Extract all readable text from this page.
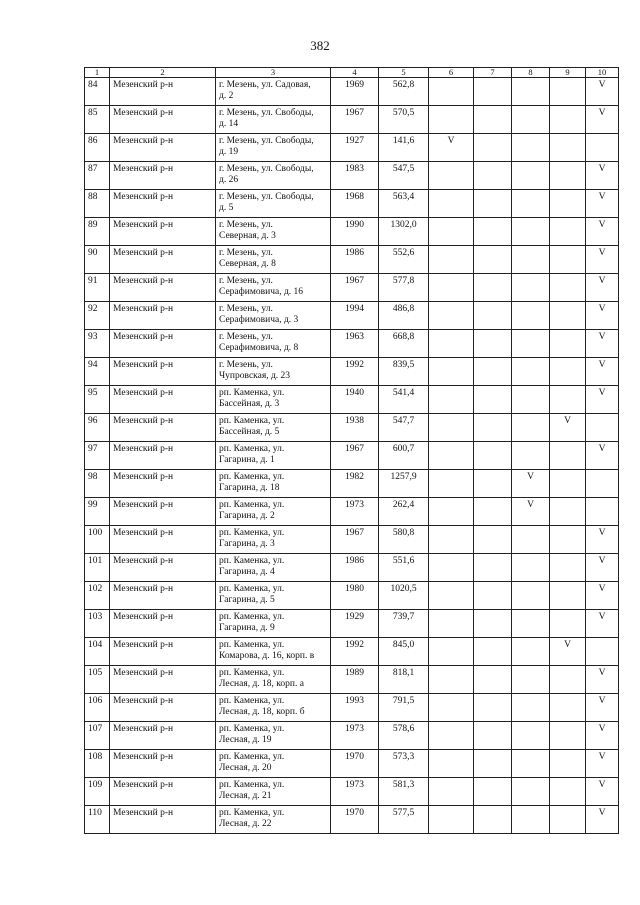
382
1	2	3	4	5	6	7	8	9	10
84	Мезенский р-н	г. Мезень, ул. Садовая,
д. 2	1969	562,8					V
85	Мезенский р-н	г. Мезень, ул. Свободы,
д. 14	1967	570,5					V
86	Мезенский р-н	г. Мезень, ул. Свободы,
д. 19	1927	141,6	V				
87	Мезенский р-н	г. Мезень, ул. Свободы,
д. 26	1983	547,5					V
88	Мезенский р-н	г. Мезень, ул. Свободы,
д. 5	1968	563,4					V
89	Мезенский р-н	г. Мезень, ул.
Северная, д. 3	1990	1302,0					V
90	Мезенский р-н	г. Мезень, ул.
Северная, д. 8	1986	552,6					V
91	Мезенский р-н	г. Мезень, ул.
Серафимовича, д. 16	1967	577,8					V
92	Мезенский р-н	г. Мезень, ул.
Серафимовича, д. 3	1994	486,8					V
93	Мезенский р-н	г. Мезень, ул.
Серафимовича, д. 8	1963	668,8					V
94	Мезенский р-н	г. Мезень, ул.
Чупровская, д. 23	1992	839,5					V
95	Мезенский р-н	рп. Каменка, ул.
Бассейная, д. 3	1940	541,4					V
96	Мезенский р-н	рп. Каменка, ул.
Бассейная, д. 5	1938	547,7				V	
97	Мезенский р-н	рп. Каменка, ул.
Гагарина, д. 1	1967	600,7					V
98	Мезенский р-н	рп. Каменка, ул.
Гагарина, д. 18	1982	1257,9			V		
99	Мезенский р-н	рп. Каменка, ул.
Гагарина, д. 2	1973	262,4			V		
100	Мезенский р-н	рп. Каменка, ул.
Гагарина, д. 3	1967	580,8					V
101	Мезенский р-н	рп. Каменка, ул.
Гагарина, д. 4	1986	551,6					V
102	Мезенский р-н	рп. Каменка, ул.
Гагарина, д. 5	1980	1020,5					V
103	Мезенский р-н	рп. Каменка, ул.
Гагарина, д. 9	1929	739,7					V
104	Мезенский р-н	рп. Каменка, ул.
Комарова, д. 16, корп. в	1992	845,0				V	
105	Мезенский р-н	рп. Каменка, ул.
Лесная, д. 18, корп. а	1989	818,1					V
106	Мезенский р-н	рп. Каменка, ул.
Лесная, д. 18, корп. б	1993	791,5					V
107	Мезенский р-н	рп. Каменка, ул.
Лесная, д. 19	1973	578,6					V
108	Мезенский р-н	рп. Каменка, ул.
Лесная, д. 20	1970	573,3					V
109	Мезенский р-н	рп. Каменка, ул.
Лесная, д. 21	1973	581,3					V
110	Мезенский р-н	рп. Каменка, ул.
Лесная, д. 22	1970	577,5					V
